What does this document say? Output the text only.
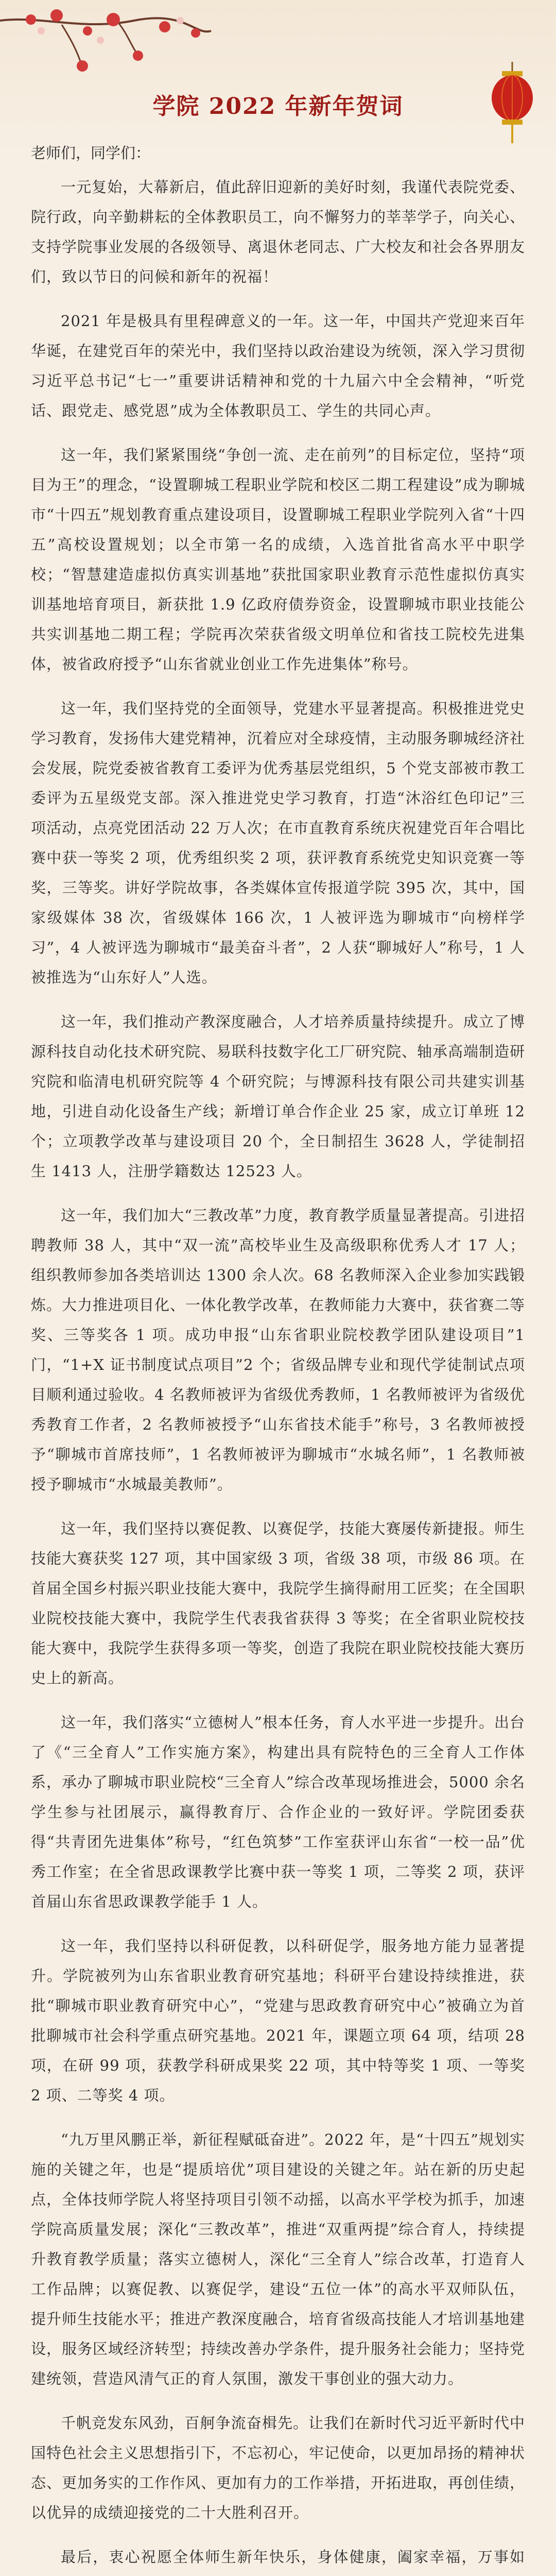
学院 2022 年新年贺词

老师们，同学们：

一元复始，大幕新启，值此辞旧迎新的美好时刻，我谨代表院党委、院行政，向辛勤耕耘的全体教职员工，向不懈努力的莘莘学子，向关心、支持学院事业发展的各级领导、离退休老同志、广大校友和社会各界朋友们，致以节日的问候和新年的祝福！

2021 年是极具有里程碑意义的一年。这一年，中国共产党迎来百年华诞，在建党百年的荣光中，我们坚持以政治建设为统领，深入学习贯彻习近平总书记“七一”重要讲话精神和党的十九届六中全会精神，“听党话、跟党走、感党恩”成为全体教职员工、学生的共同心声。

这一年，我们紧紧围绕“争创一流、走在前列”的目标定位，坚持“项目为王”的理念，“设置聊城工程职业学院和校区二期工程建设”成为聊城市“十四五”规划教育重点建设项目，设置聊城工程职业学院列入省“十四五”高校设置规划；以全市第一名的成绩，入选首批省高水平中职学校；“智慧建造虚拟仿真实训基地”获批国家职业教育示范性虚拟仿真实训基地培育项目，新获批 1.9 亿政府债券资金，设置聊城市职业技能公共实训基地二期工程；学院再次荣获省级文明单位和省技工院校先进集体，被省政府授予“山东省就业创业工作先进集体”称号。

这一年，我们坚持党的全面领导，党建水平显著提高。积极推进党史学习教育，发扬伟大建党精神，沉着应对全球疫情，主动服务聊城经济社会发展，院党委被省教育工委评为优秀基层党组织，5 个党支部被市教工委评为五星级党支部。深入推进党史学习教育，打造“沐浴红色印记”三项活动，点亮党团活动 22 万人次；在市直教育系统庆祝建党百年合唱比赛中获一等奖 2 项，优秀组织奖 2 项，获评教育系统党史知识竞赛一等奖，三等奖。讲好学院故事，各类媒体宣传报道学院 395 次，其中，国家级媒体 38 次，省级媒体 166 次，1 人被评选为聊城市“向榜样学习”，4 人被评选为聊城市“最美奋斗者”，2 人获“聊城好人”称号，1 人被推选为“山东好人”人选。

这一年，我们推动产教深度融合，人才培养质量持续提升。成立了博源科技自动化技术研究院、易联科技数字化工厂研究院、轴承高端制造研究院和临清电机研究院等 4 个研究院；与博源科技有限公司共建实训基地，引进自动化设备生产线；新增订单合作企业 25 家，成立订单班 12 个；立项教学改革与建设项目 20 个，全日制招生 3628 人，学徒制招生 1413 人，注册学籍数达 12523 人。

这一年，我们加大“三教改革”力度，教育教学质量显著提高。引进招聘教师 38 人，其中“双一流”高校毕业生及高级职称优秀人才 17 人；组织教师参加各类培训达 1300 余人次。68 名教师深入企业参加实践锻炼。大力推进项目化、一体化教学改革，在教师能力大赛中，获省赛二等奖、三等奖各 1 项。成功申报“山东省职业院校教学团队建设项目”1 门，“1+X 证书制度试点项目”2 个；省级品牌专业和现代学徒制试点项目顺利通过验收。4 名教师被评为省级优秀教师，1 名教师被评为省级优秀教育工作者，2 名教师被授予“山东省技术能手”称号，3 名教师被授予“聊城市首席技师”，1 名教师被评为聊城市“水城名师”，1 名教师被授予聊城市“水城最美教师”。

这一年，我们坚持以赛促教、以赛促学，技能大赛屡传新捷报。师生技能大赛获奖 127 项，其中国家级 3 项，省级 38 项，市级 86 项。在首届全国乡村振兴职业技能大赛中，我院学生摘得耐用工匠奖；在全国职业院校技能大赛中，我院学生代表我省获得 3 等奖；在全省职业院校技能大赛中，我院学生获得多项一等奖，创造了我院在职业院校技能大赛历史上的新高。

这一年，我们落实“立德树人”根本任务，育人水平进一步提升。出台了《“三全育人”工作实施方案》，构建出具有院特色的三全育人工作体系，承办了聊城市职业院校“三全育人”综合改革现场推进会，5000 余名学生参与社团展示，赢得教育厅、合作企业的一致好评。学院团委获得“共青团先进集体”称号，“红色筑梦”工作室获评山东省“一校一品”优秀工作室；在全省思政课教学比赛中获一等奖 1 项，二等奖 2 项，获评首届山东省思政课教学能手 1 人。

这一年，我们坚持以科研促教，以科研促学，服务地方能力显著提升。学院被列为山东省职业教育研究基地；科研平台建设持续推进，获批“聊城市职业教育研究中心”，“党建与思政教育研究中心”被确立为首批聊城市社会科学重点研究基地。2021 年，课题立项 64 项，结项 28 项，在研 99 项，获教学科研成果奖 22 项，其中特等奖 1 项、一等奖 2 项、二等奖 4 项。

“九万里风鹏正举，新征程赋砥奋进”。2022 年，是“十四五”规划实施的关键之年，也是“提质培优”项目建设的关键之年。站在新的历史起点，全体技师学院人将坚持项目引领不动摇，以高水平学校为抓手，加速学院高质量发展；深化“三教改革”，推进“双重两提”综合育人，持续提升教育教学质量；落实立德树人，深化“三全育人”综合改革，打造育人工作品牌；以赛促教、以赛促学，建设“五位一体”的高水平双师队伍，提升师生技能水平；推进产教深度融合，培育省级高技能人才培训基地建设，服务区域经济转型；持续改善办学条件，提升服务社会能力；坚持党建统领，营造风清气正的育人氛围，激发干事创业的强大动力。

千帆竞发东风劲，百舸争流奋楫先。让我们在新时代习近平新时代中国特色社会主义思想指引下，不忘初心，牢记使命，以更加昂扬的精神状态、更加务实的工作作风、更加有力的工作举措，开拓进取，再创佳绩，以优异的成绩迎接党的二十大胜利召开。

最后，衷心祝愿全体师生新年快乐，身体健康，阖家幸福，万事如
